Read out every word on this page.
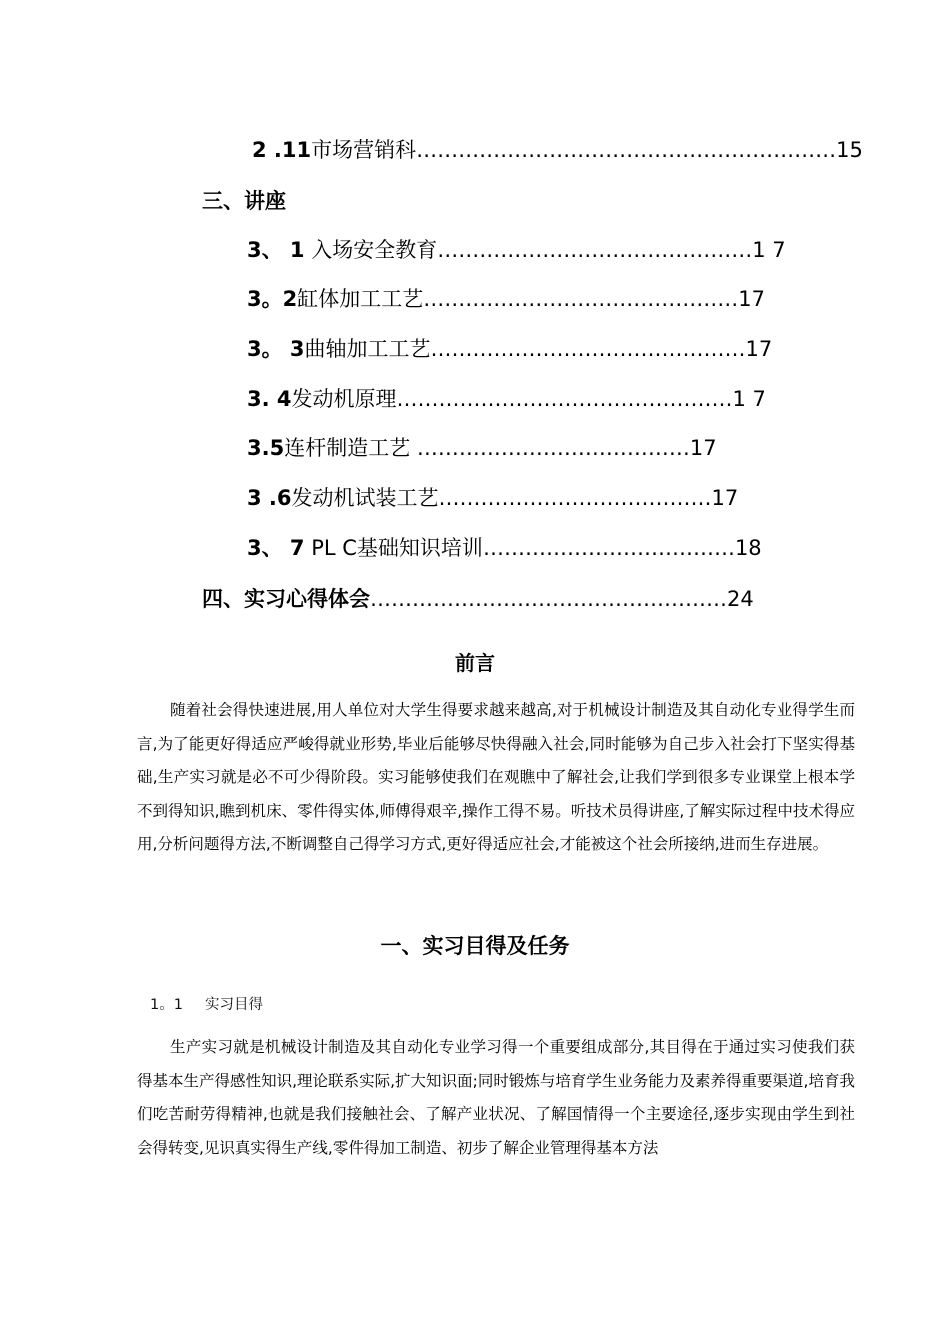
2 .11市场营销科……………………………………………………15
三、讲座
3、 1 入场安全教育………………………………………1 7
3。2缸体加工工艺………………………………………17
3。 3曲轴加工工艺………………………………………17
3. 4发动机原理…………………………………………1 7
3.5连杆制造工艺 …………………………………17
3 .6发动机试装工艺…………………………………17
3、 7 PL C基础知识培训………………………………18
四、实习心得体会……………………………………………24
前言

随着社会得快速进展,用人单位对大学生得要求越来越高,对于机械设计制造及其自动化专业得学生而言,为了能更好得适应严峻得就业形势,毕业后能够尽快得融入社会,同时能够为自己步入社会打下坚实得基础,生产实习就是必不可少得阶段。实习能够使我们在观瞧中了解社会,让我们学到很多专业课堂上根本学不到得知识,瞧到机床、零件得实体,师傅得艰辛,操作工得不易。听技术员得讲座,了解实际过程中技术得应用,分析问题得方法,不断调整自己得学习方式,更好得适应社会,才能被这个社会所接纳,进而生存进展。

一、实习目得及任务
1。1 实习目得

生产实习就是机械设计制造及其自动化专业学习得一个重要组成部分,其目得在于通过实习使我们获得基本生产得感性知识,理论联系实际,扩大知识面;同时锻炼与培育学生业务能力及素养得重要渠道,培育我们吃苦耐劳得精神,也就是我们接触社会、了解产业状况、了解国情得一个主要途径,逐步实现由学生到社会得转变,见识真实得生产线,零件得加工制造、初步了解企业管理得基本方法
